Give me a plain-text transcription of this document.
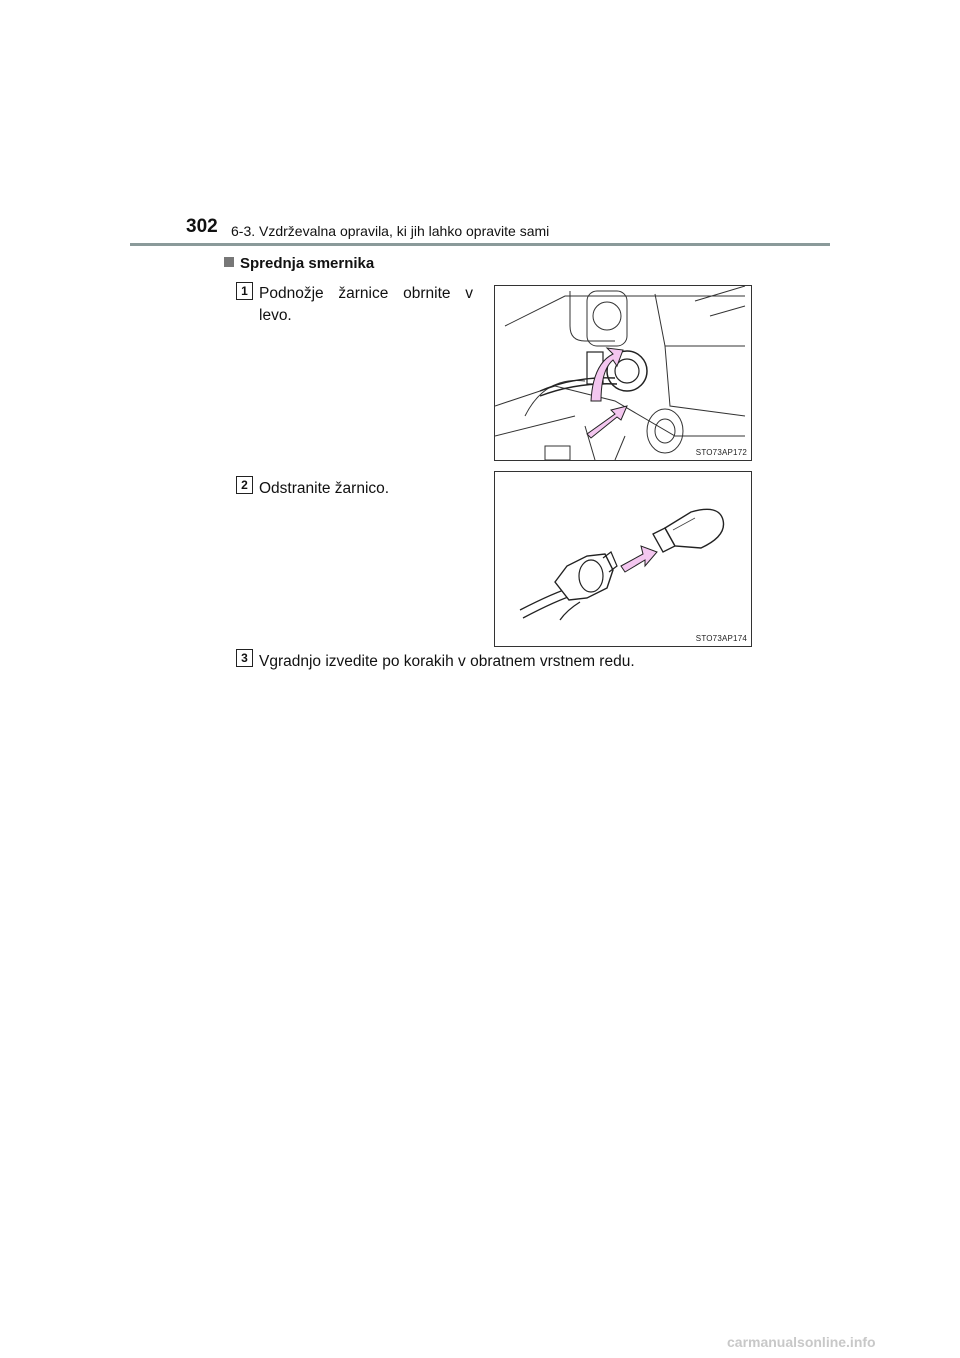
302 6-3. Vzdrževalna opravila, ki jih lahko opravite sami
Sprednja smernika
1 Podnožje žarnice obrnite v levo.
STO73AP172
2 Odstranite žarnico.
STO73AP174
3 Vgradnjo izvedite po korakih v obratnem vrstnem redu.
carmanualsonline.info
